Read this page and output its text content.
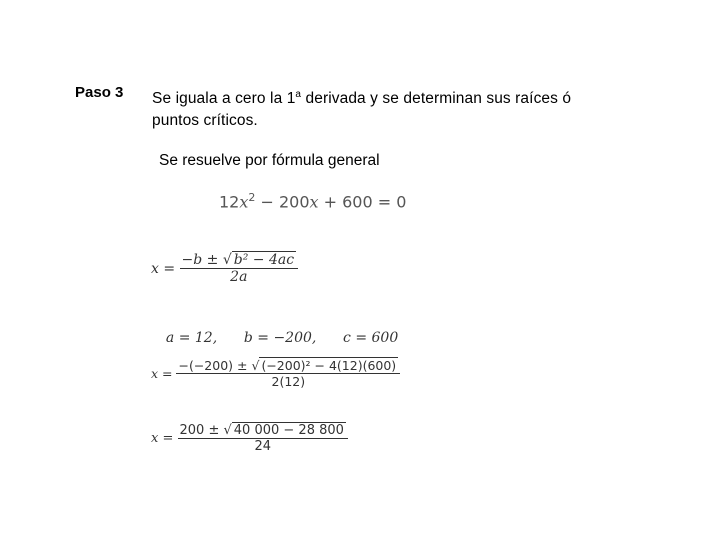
Paso 3 Se iguala a cero la 1$^a$ derivada y se determinan sus raíces ó puntos críticos.
Se resuelve por fórmula general
$12x^2 - 200x + 600 = 0$
$x = \frac{\text{−b ± √ b² − 4ac}}{2a}$

a = 12,      b = −200,      c = 600

$x = \frac{\text{−(−200) ± √ (−200)² − 4(12)(600)}}{2(12)}$
$x = \frac{200 \pm √ 40 000 - 28 800}{24}$
